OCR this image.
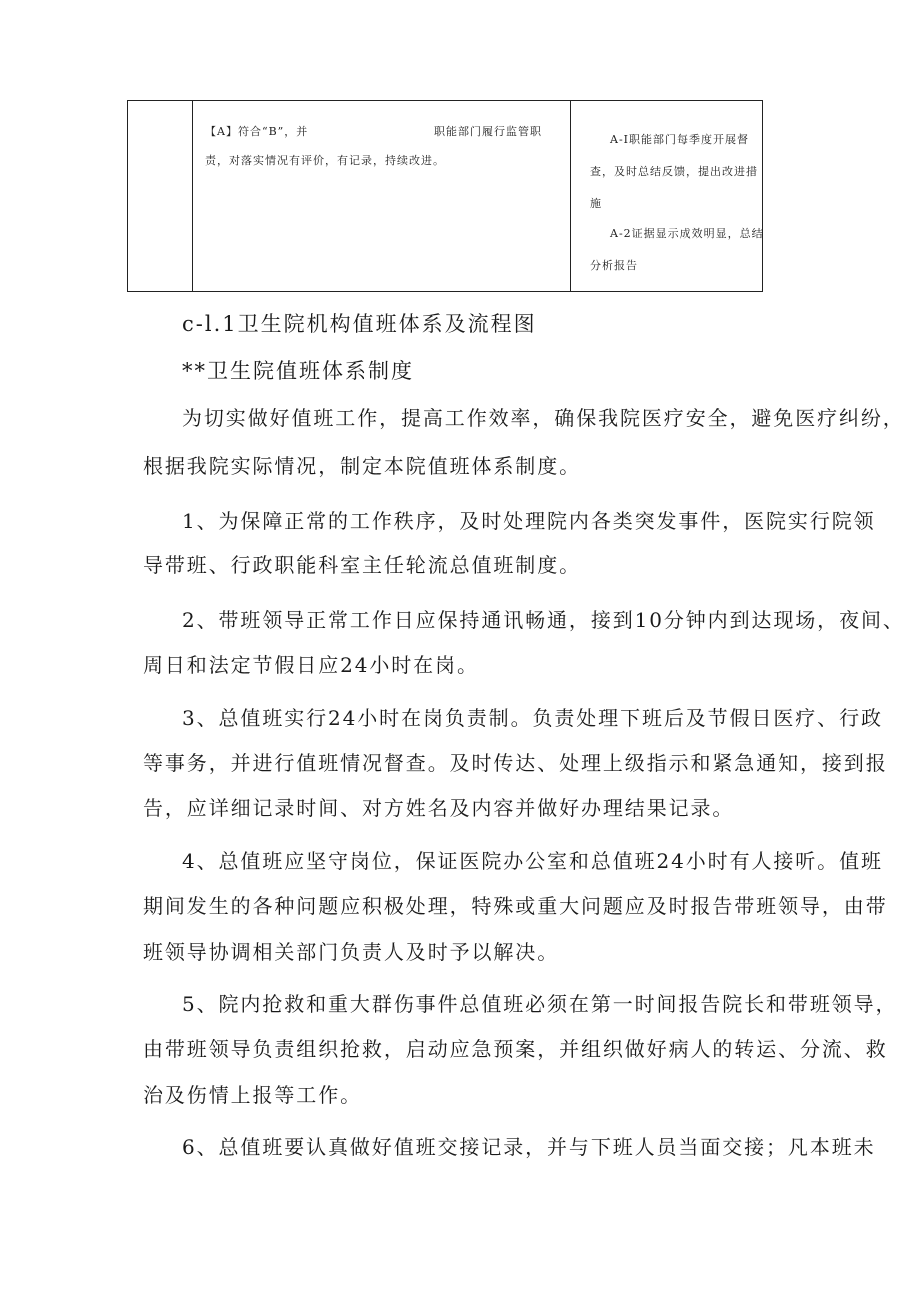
【A】符合“B”，并	职能部门履行监管职
责，对落实情况有评价，有记录，持续改进。
A-I职能部门每季度开展督
查，及时总结反馈，提出改进措
施
A-2证据显示成效明显，总结
分析报告
c-l.1卫生院机构值班体系及流程图
**卫生院值班体系制度
为切实做好值班工作，提高工作效率，确保我院医疗安全，避免医疗纠纷，
根据我院实际情况，制定本院值班体系制度。
1、为保障正常的工作秩序，及时处理院内各类突发事件，医院实行院领
导带班、行政职能科室主任轮流总值班制度。
2、带班领导正常工作日应保持通讯畅通，接到10分钟内到达现场，夜间、
周日和法定节假日应24小时在岗。
3、总值班实行24小时在岗负责制。负责处理下班后及节假日医疗、行政
等事务，并进行值班情况督查。及时传达、处理上级指示和紧急通知，接到报
告，应详细记录时间、对方姓名及内容并做好办理结果记录。
4、总值班应坚守岗位，保证医院办公室和总值班24小时有人接听。值班
期间发生的各种问题应积极处理，特殊或重大问题应及时报告带班领导，由带
班领导协调相关部门负责人及时予以解决。
5、院内抢救和重大群伤事件总值班必须在第一时间报告院长和带班领导，
由带班领导负责组织抢救，启动应急预案，并组织做好病人的转运、分流、救
治及伤情上报等工作。
6、总值班要认真做好值班交接记录，并与下班人员当面交接；凡本班未
